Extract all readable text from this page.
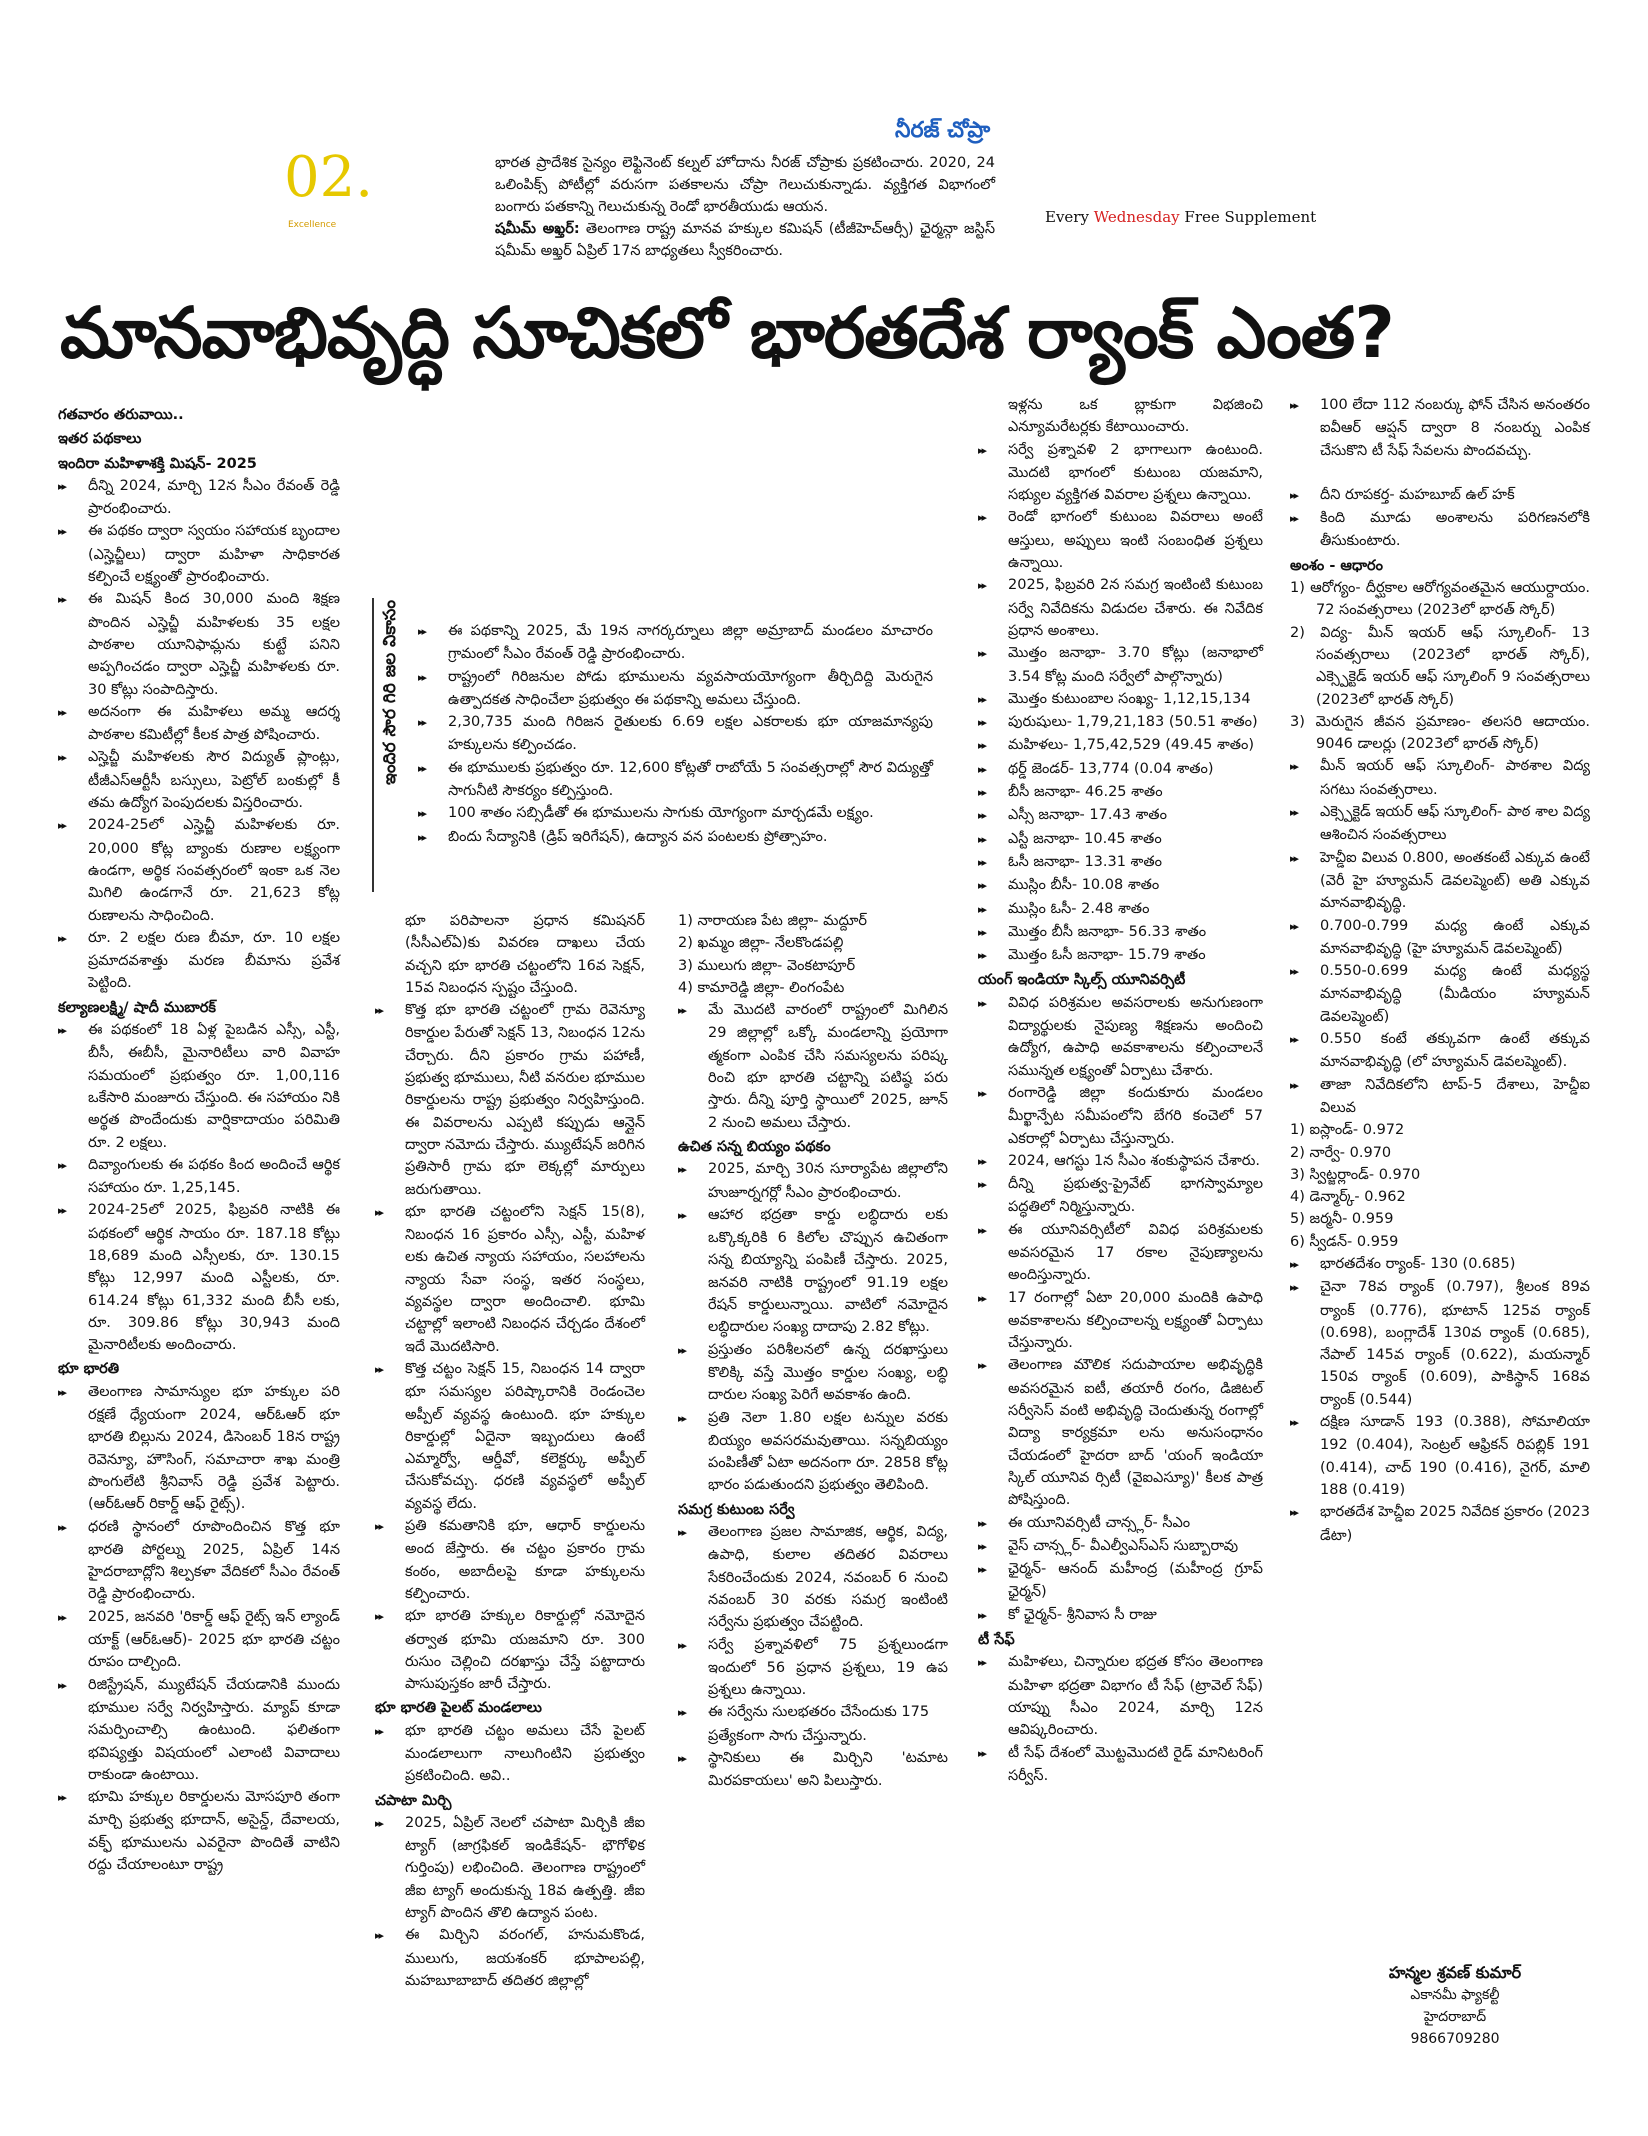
02.
ExcelIence
నీరజ్ చోప్రా
భారత ప్రాదేశిక సైన్యం లెఫ్టినెంట్ కల్నల్ హోదాను నీరజ్ చోప్రాకు ప్రకటించారు. 2020, 24 ఒలింపిక్స్ పోటీల్లో వరుసగా పతకాలను చోప్రా గెలుచుకున్నాడు. వ్యక్తిగత విభాగంలో బంగారు పతకాన్ని గెలుచుకున్న రెండో భారతీయుడు ఆయన.
షమీమ్ అఖ్తర్: తెలంగాణ రాష్ట్ర మానవ హక్కుల కమిషన్ (టీజీహెచ్ఆర్సీ) ఛైర్మన్గా జస్టిస్ షమీమ్ అఖ్తర్ ఏప్రిల్ 17న బాధ్యతలు స్వీకరించారు.
Every Wednesday Free Supplement
మానవాభివృద్ధి సూచికలో భారతదేశ ర్యాంక్ ఎంత?

గతవారం తరువాయి..

ఇతర పథకాలు

ఇందిరా మహిళాశక్తి మిషన్- 2025

▸▸ దీన్ని 2024, మార్చి 12న సీఎం రేవంత్ రెడ్డి ప్రారంభించారు.

▸▸ ఈ పథకం ద్వారా స్వయం సహాయక బృందాల (ఎస్హెచ్జీలు) ద్వారా మహిళా సాధికారత కల్పించే లక్ష్యంతో ప్రారంభించారు.

▸▸ ఈ మిషన్ కింద 30,000 మంది శిక్షణ పొందిన ఎస్హెచ్జీ మహిళలకు 35 లక్షల పాఠశాల యూనిఫామ్లను కుట్టే పనిని అప్పగించడం ద్వారా ఎస్హెచ్జీ మహిళలకు రూ. 30 కోట్లు సంపాదిస్తారు.

▸▸ అదనంగా ఈ మహిళలు అమ్మ ఆదర్శ పాఠశాల కమిటీల్లో కీలక పాత్ర పోషించారు.

▸▸ ఎస్హెచ్జీ మహిళలకు సౌర విద్యుత్ ప్లాంట్లు, టీజీఎస్ఆర్టీసీ బస్సులు, పెట్రోల్ బంకుల్లో కీ తమ ఉద్యోగ పెంపుదలకు విస్తరించారు.

▸▸ 2024-25లో ఎస్హెచ్జీ మహిళలకు రూ. 20,000 కోట్ల బ్యాంకు రుణాల లక్ష్యంగా ఉండగా, అర్థిక సంవత్సరంలో ఇంకా ఒక నెల మిగిలి ఉండగానే రూ. 21,623 కోట్ల రుణాలను సాధించింది.

▸▸ రూ. 2 లక్షల రుణ బీమా, రూ. 10 లక్షల ప్రమాదవశాత్తు మరణ బీమాను ప్రవేశ పెట్టింది.

కల్యాణలక్ష్మి/ షాదీ ముబారక్

▸▸ ఈ పథకంలో 18 ఏళ్ల పైబడిన ఎస్సీ, ఎస్టీ, బీసీ, ఈబీసీ, మైనారిటీలు వారి వివాహ సమయంలో ప్రభుత్వం రూ. 1,00,116 ఒకేసారి మంజూరు చేస్తుంది. ఈ సహాయం నికి అర్థత పొందేందుకు వార్షికాదాయం పరిమితి రూ. 2 లక్షలు.

▸▸ దివ్యాంగులకు ఈ పథకం కింద అందించే ఆర్థిక సహాయం రూ. 1,25,145.

▸▸ 2024-25లో 2025, ఫిబ్రవరి నాటికి ఈ పథకంలో ఆర్థిక సాయం రూ. 187.18 కోట్లు 18,689 మంది ఎస్సీలకు, రూ. 130.15 కోట్లు 12,997 మంది ఎస్టీలకు, రూ. 614.24 కోట్లు 61,332 మంది బీసీ లకు, రూ. 309.86 కోట్లు 30,943 మంది మైనారిటీలకు అందించారు.

భూ భారతి

▸▸ తెలంగాణ సామాన్యుల భూ హక్కుల పరి రక్షణే ధ్యేయంగా 2024, ఆర్ఓఆర్ భూ భారతి బిల్లును 2024, డిసెంబర్ 18న రాష్ట్ర రెవెన్యూ, హౌసింగ్, సమాచారా శాఖ మంత్రి పొంగులేటి శ్రీనివాస్ రెడ్డి ప్రవేశ పెట్టారు. (ఆర్ఓఆర్ రికార్డ్ ఆఫ్ రైట్స్).

▸▸ ధరణి స్థానంలో రూపొందించిన కొత్త భూ భారతి పోర్టల్ను 2025, ఏప్రిల్ 14న హైదరాబాద్లోని శిల్పకళా వేదికలో సీఎం రేవంత్ రెడ్డి ప్రారంభించారు.

▸▸ 2025, జనవరి 'రికార్డ్ ఆఫ్ రైట్స్ ఇన్ ల్యాండ్ యాక్ట్ (ఆర్ఓఆర్)- 2025 భూ భారతి చట్టం రూపం దాల్చింది.

▸▸ రిజిస్ట్రేషన్, మ్యుటేషన్ చేయడానికి ముందు భూముల సర్వే నిర్వహిస్తారు. మ్యాప్ కూడా సమర్పించాల్సి ఉంటుంది. ఫలితంగా భవిష్యత్తు విషయంలో ఎలాంటి వివాదాలు రాకుండా ఉంటాయి.

▸▸ భూమి హక్కుల రికార్డులను మోసపూరి తంగా మార్చి ప్రభుత్వ భూదాన్, అసైన్డ్, దేవాలయ, వక్ఫ్ భూములను ఎవరైనా పొందితే వాటిని రద్దు చేయాలంటూ రాష్ట్ర

ఇందిర సౌర గిరి జల వికాసం

▸▸	ఈ పథకాన్ని 2025, మే 19న నాగర్కర్నూలు జిల్లా అమ్రాబాద్ మండలం మాచారం గ్రామంలో సీఎం రేవంత్ రెడ్డి ప్రారంభించారు.

▸▸ రాష్ట్రంలో గిరిజనుల పోడు భూములను వ్యవసాయయోగ్యంగా తీర్చిదిద్ది మెరుగైన ఉత్పాదకత సాధించేలా ప్రభుత్వం ఈ పథకాన్ని అమలు చేస్తుంది.

▸▸ 2,30,735 మంది గిరిజన రైతులకు 6.69 లక్షల ఎకరాలకు భూ యాజమాన్యపు హక్కులను కల్పించడం.

▸▸ ఈ భూములకు ప్రభుత్వం రూ. 12,600 కోట్లతో రాబోయే 5 సంవత్సరాల్లో సౌర విద్యుత్తో సాగునీటి సౌకర్యం కల్పిస్తుంది.

▸▸ 100 శాతం సబ్సిడీతో ఈ భూములను సాగుకు యోగ్యంగా మార్చడమే లక్ష్యం.

▸▸ బిందు సేద్యానికి (డ్రిప్ ఇరిగేషన్), ఉద్యాన వన పంటలకు ప్రోత్సాహం.

భూ పరిపాలనా ప్రధాన కమిషనర్ (సీసీఎల్ఏ)కు వివరణ దాఖలు చేయ వచ్చని భూ భారతి చట్టంలోని 16వ సెక్షన్, 15వ నిబంధన స్పష్టం చేస్తుంది.

▸▸ కొత్త భూ భారతి చట్టంలో గ్రామ రెవెన్యూ రికార్డుల పేరుతో సెక్షన్ 13, నిబంధన 12ను చేర్చారు. దీని ప్రకారం గ్రామ పహాణీ, ప్రభుత్వ భూములు, నీటి వనరుల భూముల రికార్డులను రాష్ట్ర ప్రభుత్వం నిర్వహిస్తుంది. ఈ వివరాలను ఎప్పటి కప్పుడు ఆన్లైన్ ద్వారా నమోదు చేస్తారు. మ్యుటేషన్ జరిగిన ప్రతిసారీ గ్రామ భూ లెక్కల్లో మార్పులు జరుగుతాయి.

▸▸ భూ భారతి చట్టంలోని సెక్షన్ 15(8), నిబంధన 16 ప్రకారం ఎస్సీ, ఎస్టీ, మహిళ లకు ఉచిత న్యాయ సహాయం, సలహాలను న్యాయ సేవా సంస్థ, ఇతర సంస్థలు, వ్యవస్థల ద్వారా అందించాలి. భూమి చట్టాల్లో ఇలాంటి నిబంధన చేర్చడం దేశంలో ఇదే మొదటిసారి.

▸▸ కొత్త చట్టం సెక్షన్ 15, నిబంధన 14 ద్వారా భూ సమస్యల పరిష్కారానికి రెండంచెల అప్పీల్ వ్యవస్థ ఉంటుంది. భూ హక్కుల రికార్డుల్లో ఏదైనా ఇబ్బందులు ఉంటే ఎమ్మార్వో, ఆర్డీవో, కలెక్టర్కు అప్పీల్ చేసుకోవచ్చు. ధరణి వ్యవస్థలో అప్పీల్ వ్యవస్థ లేదు.

▸▸ ప్రతి కమతానికి భూ, ఆధార్ కార్డులను అంద జేస్తారు. ఈ చట్టం ప్రకారం గ్రామ కంఠం, అబాదీలపై కూడా హక్కులను కల్పించారు.

▸▸ భూ భారతి హక్కుల రికార్డుల్లో నమోదైన తర్వాత భూమి యజమాని రూ. 300 రుసుం చెల్లించి దరఖాస్తు చేస్తే పట్టాదారు పాసుపుస్తకం జారీ చేస్తారు.

భూ భారతి పైలట్ మండలాలు

▸▸ భూ భారతి చట్టం అమలు చేసే పైలట్ మండలాలుగా నాలుగింటిని ప్రభుత్వం ప్రకటించింది. అవి..

చపాటా మిర్చి

▸▸ 2025, ఏప్రిల్ నెలలో చపాటా మిర్చికి జీఐ ట్యాగ్ (జాగ్రఫికల్ ఇండికేషన్- భౌగోళిక గుర్తింపు) లభించింది. తెలంగాణ రాష్ట్రంలో జీఐ ట్యాగ్ అందుకున్న 18వ ఉత్పత్తి. జీఐ ట్యాగ్ పొందిన తొలి ఉద్యాన పంట.

▸▸ ఈ మిర్చిని వరంగల్, హనుమకొండ, ములుగు, జయశంకర్ భూపాలపల్లి, మహబూబాబాద్ తదితర జిల్లాల్లో

1) నారాయణ పేట జిల్లా- మద్దూర్

2) ఖమ్మం జిల్లా- నేలకొండపల్లి

3) ములుగు జిల్లా- వెంకటాపూర్

4) కామారెడ్డి జిల్లా- లింగంపేట

▸▸ మే మొదటి వారంలో రాష్ట్రంలో మిగిలిన 29 జిల్లాల్లో ఒక్కో మండలాన్ని ప్రయోగా త్మకంగా ఎంపిక చేసి సమస్యలను పరిష్క రించి భూ భారతి చట్టాన్ని పటిష్ఠ పరు స్తారు. దీన్ని పూర్తి స్థాయిలో 2025, జూన్ 2 నుంచి అమలు చేస్తారు.

ఉచిత సన్న బియ్యం పథకం

▸▸ 2025, మార్చి 30న సూర్యాపేట జిల్లాలోని హుజూర్నగర్లో సీఎం ప్రారంభించారు.

▸▸ ఆహార భద్రతా కార్డు లబ్ధిదారు లకు ఒక్కొక్కరికి 6 కిలోల చొప్పున ఉచితంగా సన్న బియ్యాన్ని పంపిణీ చేస్తారు. 2025, జనవరి నాటికి రాష్ట్రంలో 91.19 లక్షల రేషన్ కార్డులున్నాయి. వాటిలో నమోదైన లబ్ధిదారుల సంఖ్య దాదాపు 2.82 కోట్లు.

▸▸ ప్రస్తుతం పరిశీలనలో ఉన్న దరఖాస్తులు కొలిక్కి వస్తే మొత్తం కార్డుల సంఖ్య, లబ్ధి దారుల సంఖ్య పెరిగే అవకాశం ఉంది.

▸▸ ప్రతి నెలా 1.80 లక్షల టన్నుల వరకు బియ్యం అవసరమవుతాయి. సన్నబియ్యం పంపిణీతో ఏటా అదనంగా రూ. 2858 కోట్ల భారం పడుతుందని ప్రభుత్వం తెలిపింది.

సమగ్ర కుటుంబ సర్వే

▸▸ తెలంగాణ ప్రజల సామాజిక, ఆర్థిక, విద్య, ఉపాధి, కులాల తదితర వివరాలు సేకరించేందుకు 2024, నవంబర్ 6 నుంచి నవంబర్ 30 వరకు సమగ్ర ఇంటింటి సర్వేను ప్రభుత్వం చేపట్టింది.

▸▸ సర్వే ప్రశ్నావళిలో 75 ప్రశ్నలుండగా ఇందులో 56 ప్రధాన ప్రశ్నలు, 19 ఉప ప్రశ్నలు ఉన్నాయి.

▸▸ ఈ సర్వేను సులభతరం చేసేందుకు 175

ప్రత్యేకంగా సాగు చేస్తున్నారు.

▸▸ స్థానికులు ఈ మిర్చిని 'టమాట మిరపకాయలు' అని పిలుస్తారు.

ఇళ్లను ఒక బ్లాకుగా విభజించి ఎన్యూమరేటర్లకు కేటాయించారు.

▸▸ సర్వే ప్రశ్నావళి 2 భాగాలుగా ఉంటుంది. మొదటి భాగంలో కుటుంబ యజమాని, సభ్యుల వ్యక్తిగత వివరాల ప్రశ్నలు ఉన్నాయి.

▸▸ రెండో భాగంలో కుటుంబ వివరాలు అంటే ఆస్తులు, అప్పులు ఇంటి సంబంధిత ప్రశ్నలు ఉన్నాయి.

▸▸ 2025, ఫిబ్రవరి 2న సమగ్ర ఇంటింటి కుటుంబ సర్వే నివేదికను విడుదల చేశారు. ఈ నివేదిక ప్రధాన అంశాలు.

▸▸ మొత్తం జనాభా- 3.70 కోట్లు (జనాభాలో 3.54 కోట్ల మంది సర్వేలో పాల్గొన్నారు)

▸▸ మొత్తం కుటుంబాల సంఖ్య- 1,12,15,134

▸▸ పురుషులు- 1,79,21,183 (50.51 శాతం)

▸▸ మహిళలు- 1,75,42,529 (49.45 శాతం)

▸▸ థర్డ్ జెండర్- 13,774 (0.04 శాతం)

▸▸ బీసీ జనాభా- 46.25 శాతం

▸▸ ఎస్సీ జనాభా- 17.43 శాతం

▸▸ ఎస్టీ జనాభా- 10.45 శాతం

▸▸ ఓసీ జనాభా- 13.31 శాతం

▸▸ ముస్లిం బీసీ- 10.08 శాతం

▸▸ ముస్లిం ఓసీ- 2.48 శాతం

▸▸ మొత్తం బీసీ జనాభా- 56.33 శాతం

▸▸ మొత్తం ఓసీ జనాభా- 15.79 శాతం

యంగ్ ఇండియా స్కిల్స్ యూనివర్సిటీ

▸▸ వివిధ పరిశ్రమల అవసరాలకు అనుగుణంగా విద్యార్థులకు నైపుణ్య శిక్షణను అందించి ఉద్యోగ, ఉపాధి అవకాశాలను కల్పించాలనే సమున్నత లక్ష్యంతో ఏర్పాటు చేశారు.

▸▸ రంగారెడ్డి జిల్లా కందుకూరు మండలం మీర్ఖాన్పేట సమీపంలోని బేగరి కంచెలో 57 ఎకరాల్లో ఏర్పాటు చేస్తున్నారు.

▸▸ 2024, ఆగస్టు 1న సీఎం శంకుస్థాపన చేశారు.

▸▸ దీన్ని ప్రభుత్వ-ప్రైవేట్ భాగస్వామ్యాల పద్ధతిలో నిర్మిస్తున్నారు.

▸▸ ఈ యూనివర్సిటీలో వివిధ పరిశ్రమలకు అవసరమైన 17 రకాల నైపుణ్యాలను అందిస్తున్నారు.

▸▸ 17 రంగాల్లో ఏటా 20,000 మందికి ఉపాధి అవకాశాలను కల్పించాలన్న లక్ష్యంతో ఏర్పాటు చేస్తున్నారు.

▸▸ తెలంగాణ మౌలిక సదుపాయాల అభివృద్ధికి అవసరమైన ఐటీ, తయారీ రంగం, డిజిటల్ సర్వీసెస్ వంటి అభివృద్ధి చెందుతున్న రంగాల్లో విద్యా కార్యక్రమా లను అనుసంధానం చేయడంలో హైదరా బాద్ 'యంగ్ ఇండియా స్కిల్ యూనివ ర్సిటీ (వైఐఎస్యూ)' కీలక పాత్ర పోషిస్తుంది.

▸▸ ఈ యూనివర్సిటీ చాన్స్లర్- సీఎం

▸▸ వైస్ చాన్స్లర్- వీఎల్వీఎస్ఎస్ సుబ్బారావు

▸▸ ఛైర్మన్- ఆనంద్ మహీంద్ర (మహీంద్ర గ్రూప్ ఛైర్మన్)

▸▸ కో ఛైర్మన్- శ్రీనివాస సీ రాజు

టీ సేఫ్

▸▸ మహిళలు, చిన్నారుల భద్రత కోసం తెలంగాణ మహిళా భద్రతా విభాగం టీ సేఫ్ (ట్రావెల్ సేఫ్) యాప్ను సీఎం 2024, మార్చి 12న ఆవిష్కరించారు.

▸▸ టీ సేఫ్ దేశంలో మొట్టమొదటి రైడ్ మానిటరింగ్ సర్వీస్.

▸▸ 100 లేదా 112 నంబర్కు ఫోన్ చేసిన అనంతరం ఐవీఆర్ ఆప్షన్ ద్వారా 8 నంబర్ను ఎంపిక చేసుకొని టీ సేఫ్ సేవలను పొందవచ్చు.

▸▸ దీని రూపకర్త- మహబూబ్ ఉల్ హక్

▸▸ కింది మూడు అంశాలను పరిగణనలోకి తీసుకుంటారు.

అంశం - ఆధారం

1) ఆరోగ్యం- దీర్ఘకాల ఆరోగ్యవంతమైన ఆయుర్దాయం. 72 సంవత్సరాలు (2023లో భారత్ స్కోర్)

2) విద్య- మీన్ ఇయర్ ఆఫ్ స్కూలింగ్- 13 సంవత్సరాలు (2023లో భారత్ స్కోర్), ఎక్స్పెక్టెడ్ ఇయర్ ఆఫ్ స్కూలింగ్ 9 సంవత్సరాలు (2023లో భారత్ స్కోర్)

3) మెరుగైన జీవన ప్రమాణం- తలసరి ఆదాయం. 9046 డాలర్లు (2023లో భారత్ స్కోర్)

▸▸ మీన్ ఇయర్ ఆఫ్ స్కూలింగ్- పాఠశాల విద్య సగటు సంవత్సరాలు.

▸▸ ఎక్స్పెక్టెడ్ ఇయర్ ఆఫ్ స్కూలింగ్- పాఠ శాల విద్య ఆశించిన సంవత్సరాలు

▸▸ హెచ్డీఐ విలువ 0.800, అంతకంటే ఎక్కువ ఉంటే (వెరీ హై హ్యూమన్ డెవలప్మెంట్) అతి ఎక్కువ మానవాభివృద్ధి.

▸▸ 0.700-0.799 మధ్య ఉంటే ఎక్కువ మానవాభివృద్ధి (హై హ్యూమన్ డెవలప్మెంట్)

▸▸ 0.550-0.699 మధ్య ఉంటే మధ్యస్థ మానవాభివృద్ధి (మీడియం హ్యూమన్ డెవలప్మెంట్)

▸▸ 0.550 కంటే తక్కువగా ఉంటే తక్కువ మానవాభివృద్ధి (లో హ్యూమన్ డెవలప్మెంట్).

▸▸ తాజా నివేదికలోని టాప్-5 దేశాలు, హెచ్డీఐ విలువ

1) ఐస్లాండ్- 0.972

2) నార్వే- 0.970

3) స్విట్జర్లాండ్- 0.970

4) డెన్మార్క్- 0.962

5) జర్మనీ- 0.959

6) స్వీడన్- 0.959

▸▸ భారతదేశం ర్యాంక్- 130 (0.685)

▸▸ చైనా 78వ ర్యాంక్ (0.797), శ్రీలంక 89వ ర్యాంక్ (0.776), భూటాన్ 125వ ర్యాంక్ (0.698), బంగ్లాదేశ్ 130వ ర్యాంక్ (0.685), నేపాల్ 145వ ర్యాంక్ (0.622), మయన్మార్ 150వ ర్యాంక్ (0.609), పాకిస్థాన్ 168వ ర్యాంక్ (0.544)

▸▸ దక్షిణ సూడాన్ 193 (0.388), సోమాలియా 192 (0.404), సెంట్రల్ ఆఫ్రికన్ రిపబ్లిక్ 191 (0.414), చాద్ 190 (0.416), నైగర్, మాలి 188 (0.419)

▸▸ భారతదేశ హెచ్డీఐ 2025 నివేదిక ప్రకారం (2023 డేటా)

హన్మల శ్రవణ్ కుమార్
ఎకానమీ ఫ్యాకల్టీ
హైదరాబాద్
9866709280
